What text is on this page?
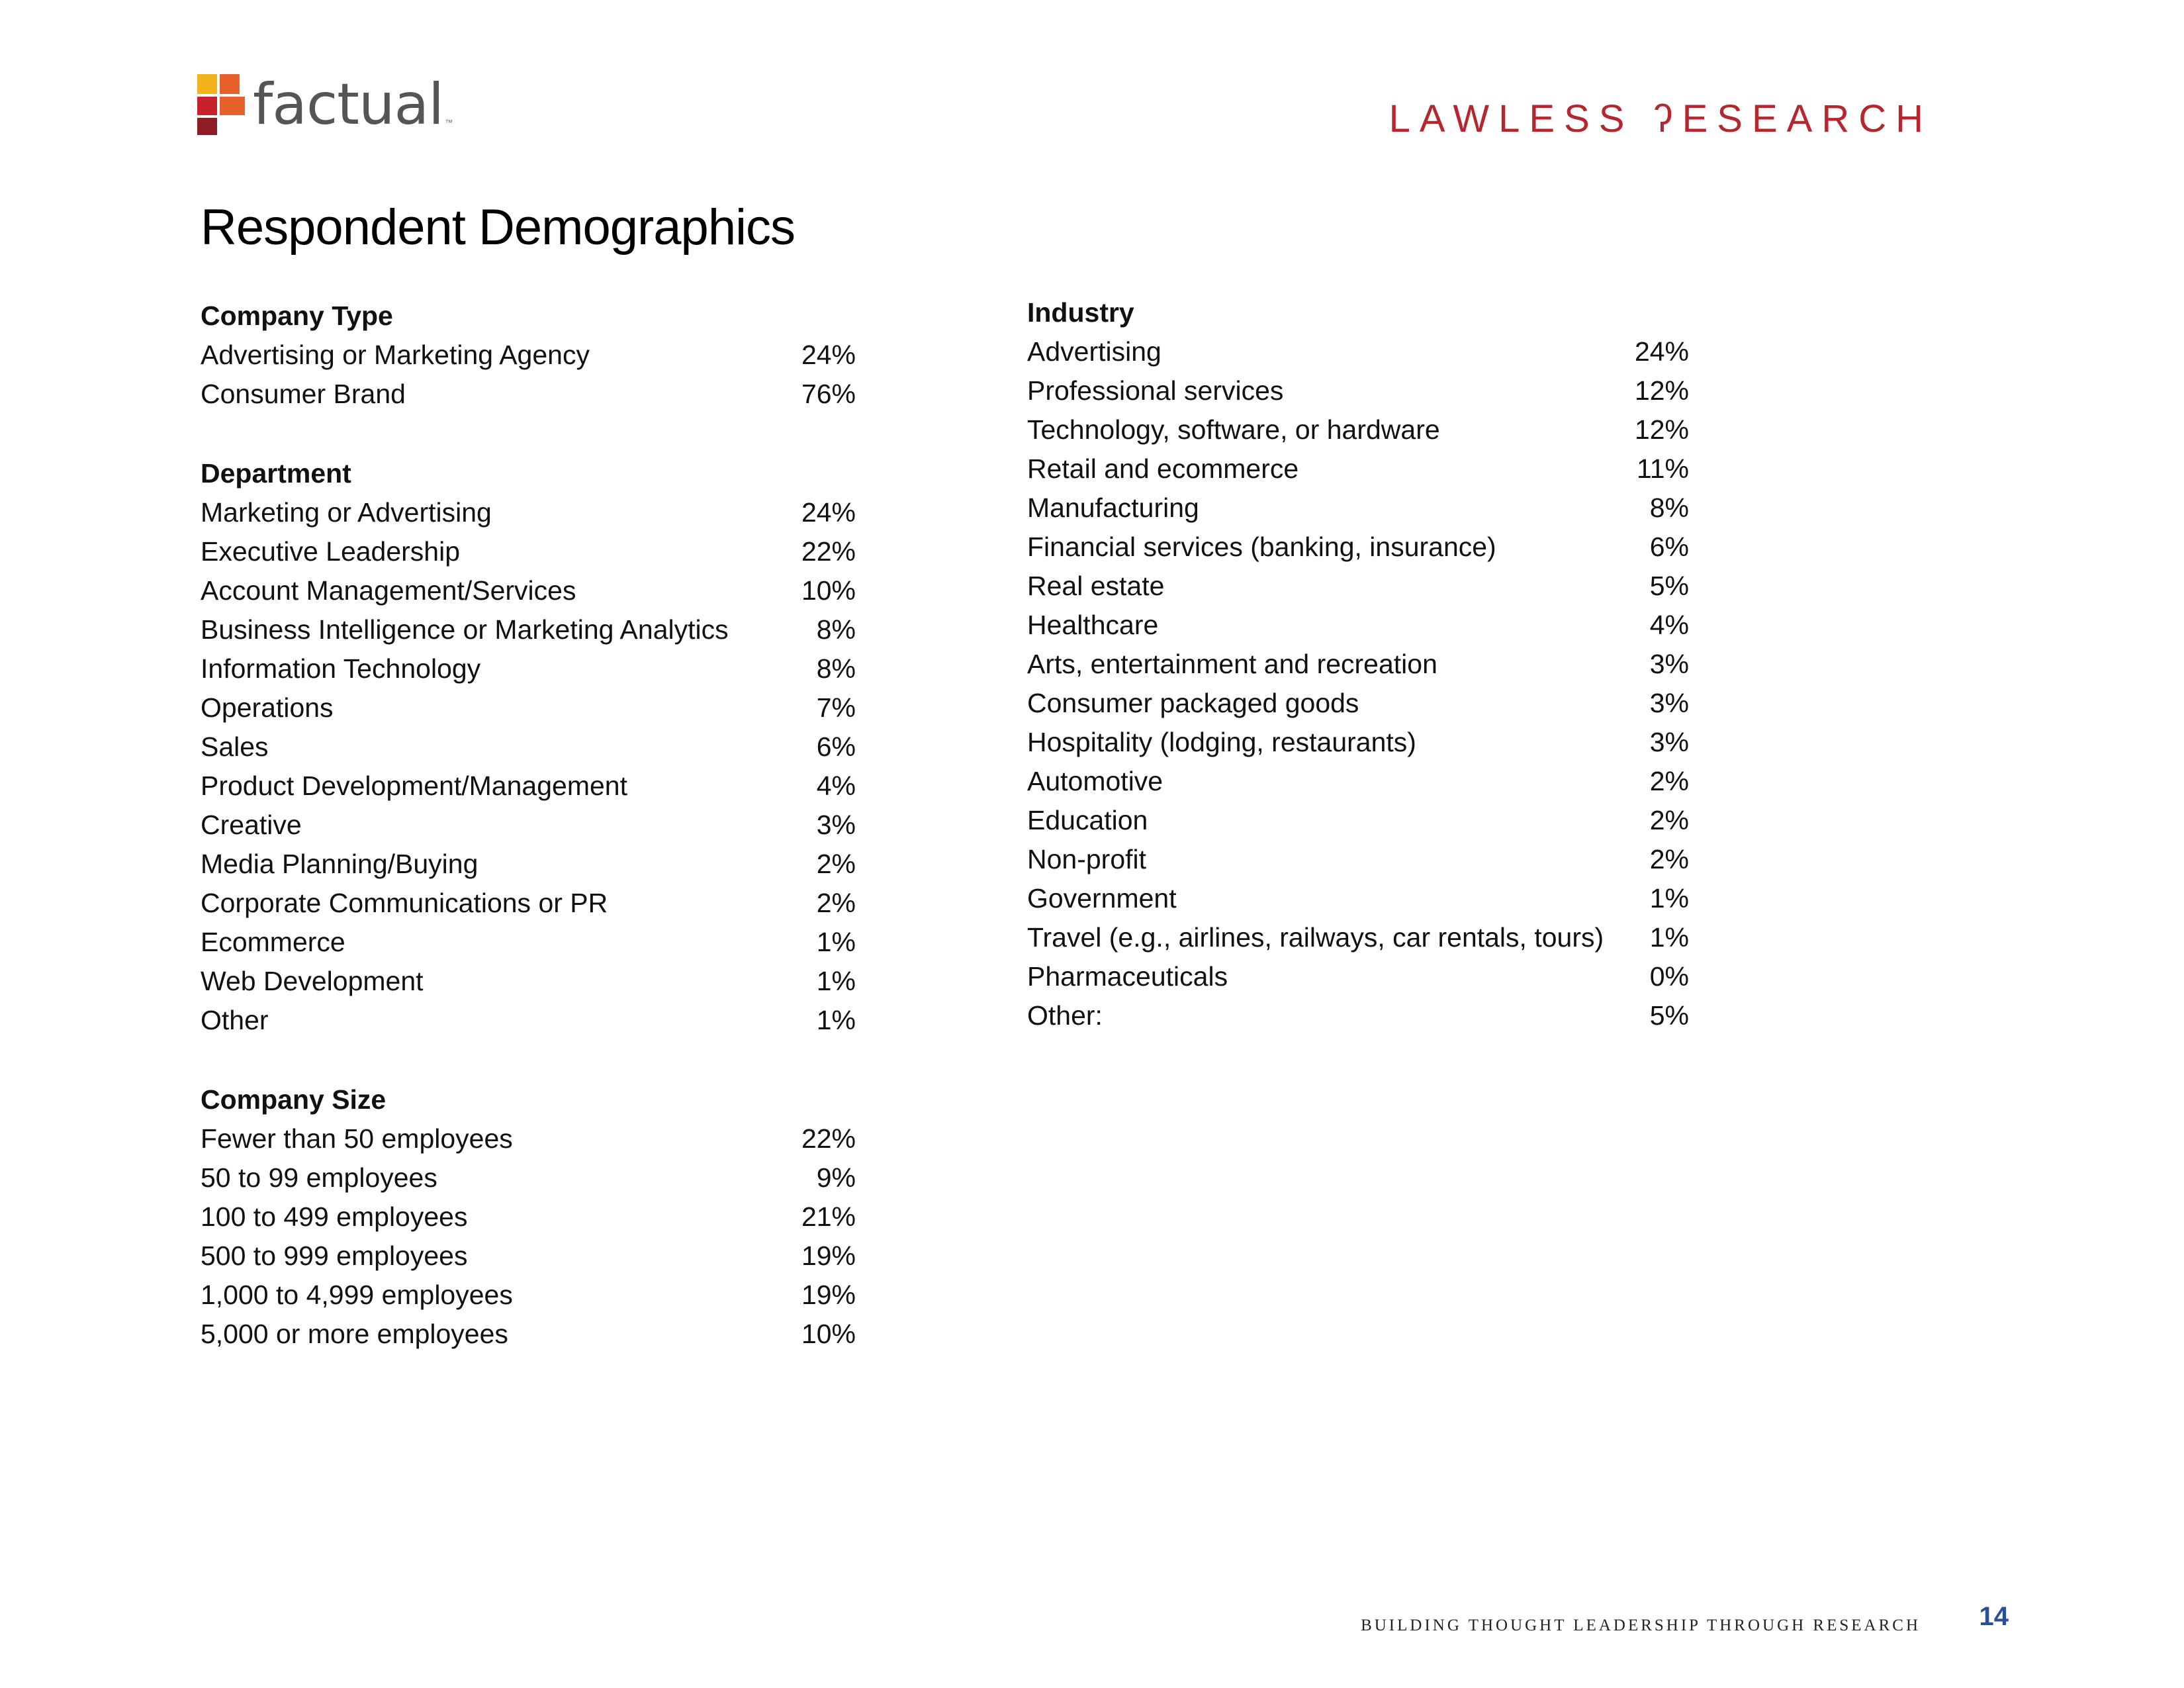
factual ™	LAWLESS ʔESEARCH
Respondent Demographics
Company Type
Advertising or Marketing Agency	24%
Consumer Brand	76%
Department
Marketing or Advertising	24%
Executive Leadership	22%
Account Management/Services	10%
Business Intelligence or Marketing Analytics	8%
Information Technology	8%
Operations	7%
Sales	6%
Product Development/Management	4%
Creative	3%
Media Planning/Buying	2%
Corporate Communications or PR	2%
Ecommerce	1%
Web Development	1%
Other	1%
Company Size
Fewer than 50 employees	22%
50 to 99 employees	9%
100 to 499 employees	21%
500 to 999 employees	19%
1,000 to 4,999 employees	19%
5,000 or more employees	10%
Industry
Advertising	24%
Professional services	12%
Technology, software, or hardware	12%
Retail and ecommerce	11%
Manufacturing	8%
Financial services (banking, insurance)	6%
Real estate	5%
Healthcare	4%
Arts, entertainment and recreation	3%
Consumer packaged goods	3%
Hospitality (lodging, restaurants)	3%
Automotive	2%
Education	2%
Non-profit	2%
Government	1%
Travel (e.g., airlines, railways, car rentals, tours)	1%
Pharmaceuticals	0%
Other:	5%
BUILDING THOUGHT LEADERSHIP THROUGH RESEARCH 14
